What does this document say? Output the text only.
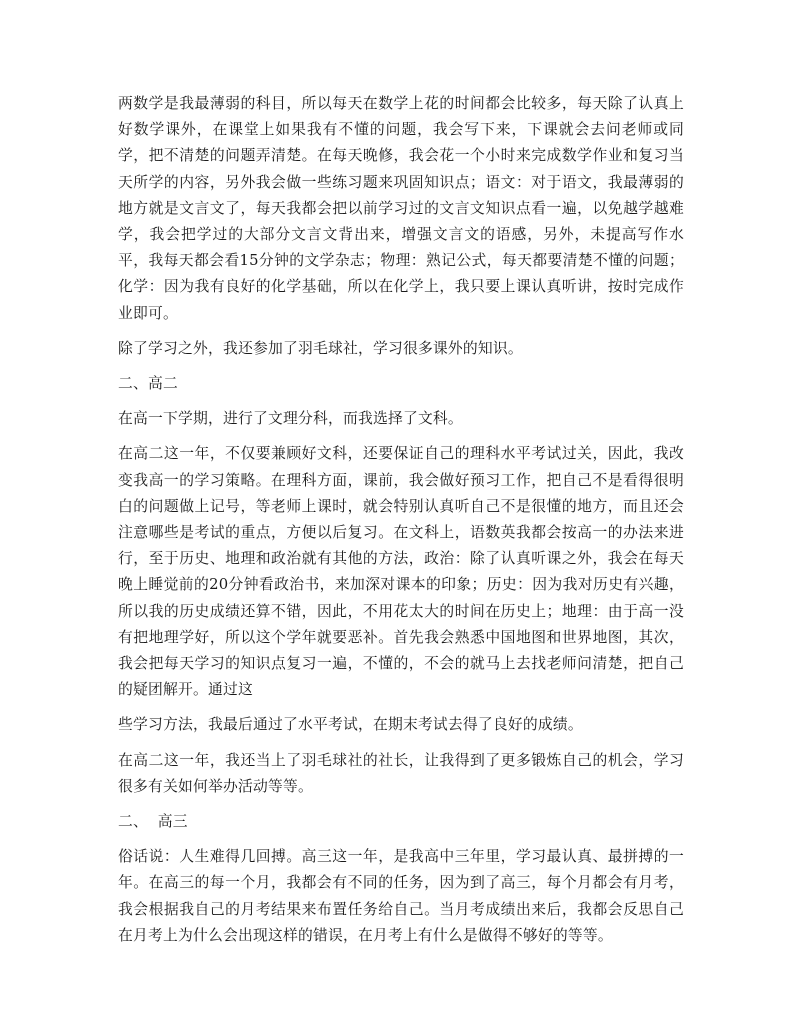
两数学是我最薄弱的科目，所以每天在数学上花的时间都会比较多，每天除了认真上好数学课外，在课堂上如果我有不懂的问题，我会写下来，下课就会去问老师或同学，把不清楚的问题弄清楚。在每天晚修，我会花一个小时来完成数学作业和复习当天所学的内容，另外我会做一些练习题来巩固知识点；语文：对于语文，我最薄弱的地方就是文言文了，每天我都会把以前学习过的文言文知识点看一遍，以免越学越难学，我会把学过的大部分文言文背出来，增强文言文的语感，另外，未提高写作水平，我每天都会看15分钟的文学杂志；物理：熟记公式，每天都要清楚不懂的问题；化学：因为我有良好的化学基础，所以在化学上，我只要上课认真听讲，按时完成作业即可。

除了学习之外，我还参加了羽毛球社，学习很多课外的知识。

二、高二

在高一下学期，进行了文理分科，而我选择了文科。

在高二这一年，不仅要兼顾好文科，还要保证自己的理科水平考试过关，因此，我改变我高一的学习策略。在理科方面，课前，我会做好预习工作，把自己不是看得很明白的问题做上记号，等老师上课时，就会特别认真听自己不是很懂的地方，而且还会注意哪些是考试的重点，方便以后复习。在文科上，语数英我都会按高一的办法来进行，至于历史、地理和政治就有其他的方法，政治：除了认真听课之外，我会在每天晚上睡觉前的20分钟看政治书，来加深对课本的印象；历史：因为我对历史有兴趣，所以我的历史成绩还算不错，因此，不用花太大的时间在历史上；地理：由于高一没有把地理学好，所以这个学年就要恶补。首先我会熟悉中国地图和世界地图，其次，我会把每天学习的知识点复习一遍，不懂的，不会的就马上去找老师问清楚，把自己的疑团解开。通过这

些学习方法，我最后通过了水平考试，在期末考试去得了良好的成绩。

在高二这一年，我还当上了羽毛球社的社长，让我得到了更多锻炼自己的机会，学习很多有关如何举办活动等等。

二、  高三

俗话说：人生难得几回搏。高三这一年，是我高中三年里，学习最认真、最拼搏的一年。在高三的每一个月，我都会有不同的任务，因为到了高三，每个月都会有月考，我会根据我自己的月考结果来布置任务给自己。当月考成绩出来后，我都会反思自己在月考上为什么会出现这样的错误，在月考上有什么是做得不够好的等等。
